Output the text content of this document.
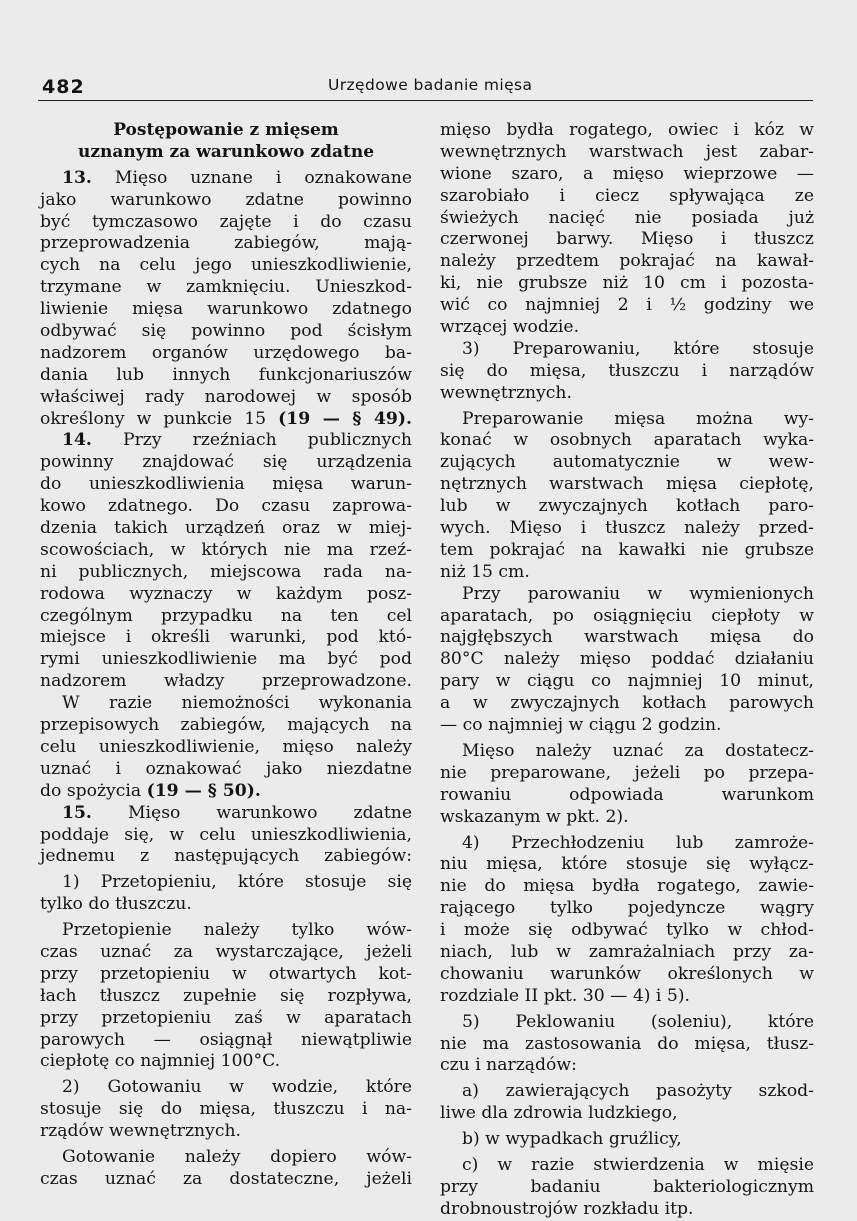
482	Urzędowe badanie mięsa
Postępowanie z mięsem
uznanym za warunkowo zdatne
13. Mięso uznane i oznakowane
jako warunkowo zdatne powinno
być tymczasowo zajęte i do czasu
przeprowadzenia zabiegów, mają-
cych na celu jego unieszkodliwienie,
trzymane w zamknięciu. Unieszkod-
liwienie mięsa warunkowo zdatnego
odbywać się powinno pod ścisłym
nadzorem organów urzędowego ba-
dania lub innych funkcjonariuszów
właściwej rady narodowej w sposób
określony w punkcie 15 (19 — § 49).
14. Przy rzeźniach publicznych
powinny znajdować się urządzenia
do unieszkodliwienia mięsa warun-
kowo zdatnego. Do czasu zaprowa-
dzenia takich urządzeń oraz w miej-
scowościach, w których nie ma rzeź-
ni publicznych, miejscowa rada na-
rodowa wyznaczy w każdym posz-
czególnym przypadku na ten cel
miejsce i określi warunki, pod któ-
rymi unieszkodliwienie ma być pod
nadzorem władzy przeprowadzone.
W razie niemożności wykonania
przepisowych zabiegów, mających na
celu unieszkodliwienie, mięso należy
uznać i oznakować jako niezdatne
do spożycia (19 — § 50).
15. Mięso warunkowo zdatne
poddaje się, w celu unieszkodliwienia,
jednemu z następujących zabiegów:
1) Przetopieniu, które stosuje się
tylko do tłuszczu.
Przetopienie należy tylko wów-
czas uznać za wystarczające, jeżeli
przy przetopieniu w otwartych kot-
łach tłuszcz zupełnie się rozpływa,
przy przetopieniu zaś w aparatach
parowych — osiągnął niewątpliwie
ciepłotę co najmniej 100°C.
2) Gotowaniu w wodzie, które
stosuje się do mięsa, tłuszczu i na-
rządów wewnętrznych.
Gotowanie należy dopiero wów-
czas uznać za dostateczne, jeżeli
mięso bydła rogatego, owiec i kóz w
wewnętrznych warstwach jest zabar-
wione szaro, a mięso wieprzowe —
szarobiało i ciecz spływająca ze
świeżych nacięć nie posiada już
czerwonej barwy. Mięso i tłuszcz
należy przedtem pokrajać na kawał-
ki, nie grubsze niż 10 cm i pozosta-
wić co najmniej 2 i ½ godziny we
wrzącej wodzie.
3) Preparowaniu, które stosuje
się do mięsa, tłuszczu i narządów
wewnętrznych.
Preparowanie mięsa można wy-
konać w osobnych aparatach wyka-
zujących automatycznie w wew-
nętrznych warstwach mięsa ciepłotę,
lub w zwyczajnych kotłach paro-
wych. Mięso i tłuszcz należy przed-
tem pokrajać na kawałki nie grubsze
niż 15 cm.
Przy parowaniu w wymienionych
aparatach, po osiągnięciu ciepłoty w
najgłębszych warstwach mięsa do
80°C należy mięso poddać działaniu
pary w ciągu co najmniej 10 minut,
a w zwyczajnych kotłach parowych
— co najmniej w ciągu 2 godzin.
Mięso należy uznać za dostatecz-
nie preparowane, jeżeli po przepa-
rowaniu odpowiada warunkom
wskazanym w pkt. 2).
4) Przechłodzeniu lub zamroże-
niu mięsa, które stosuje się wyłącz-
nie do mięsa bydła rogatego, zawie-
rającego tylko pojedyncze wągry
i może się odbywać tylko w chłod-
niach, lub w zamrażalniach przy za-
chowaniu warunków określonych w
rozdziale II pkt. 30 — 4) i 5).
5) Peklowaniu (soleniu), które
nie ma zastosowania do mięsa, tłusz-
czu i narządów:
a) zawierających pasożyty szkod-
liwe dla zdrowia ludzkiego,
b) w wypadkach gruźlicy,
c) w razie stwierdzenia w mięsie
przy badaniu bakteriologicznym
drobnoustrojów rozkładu itp.
